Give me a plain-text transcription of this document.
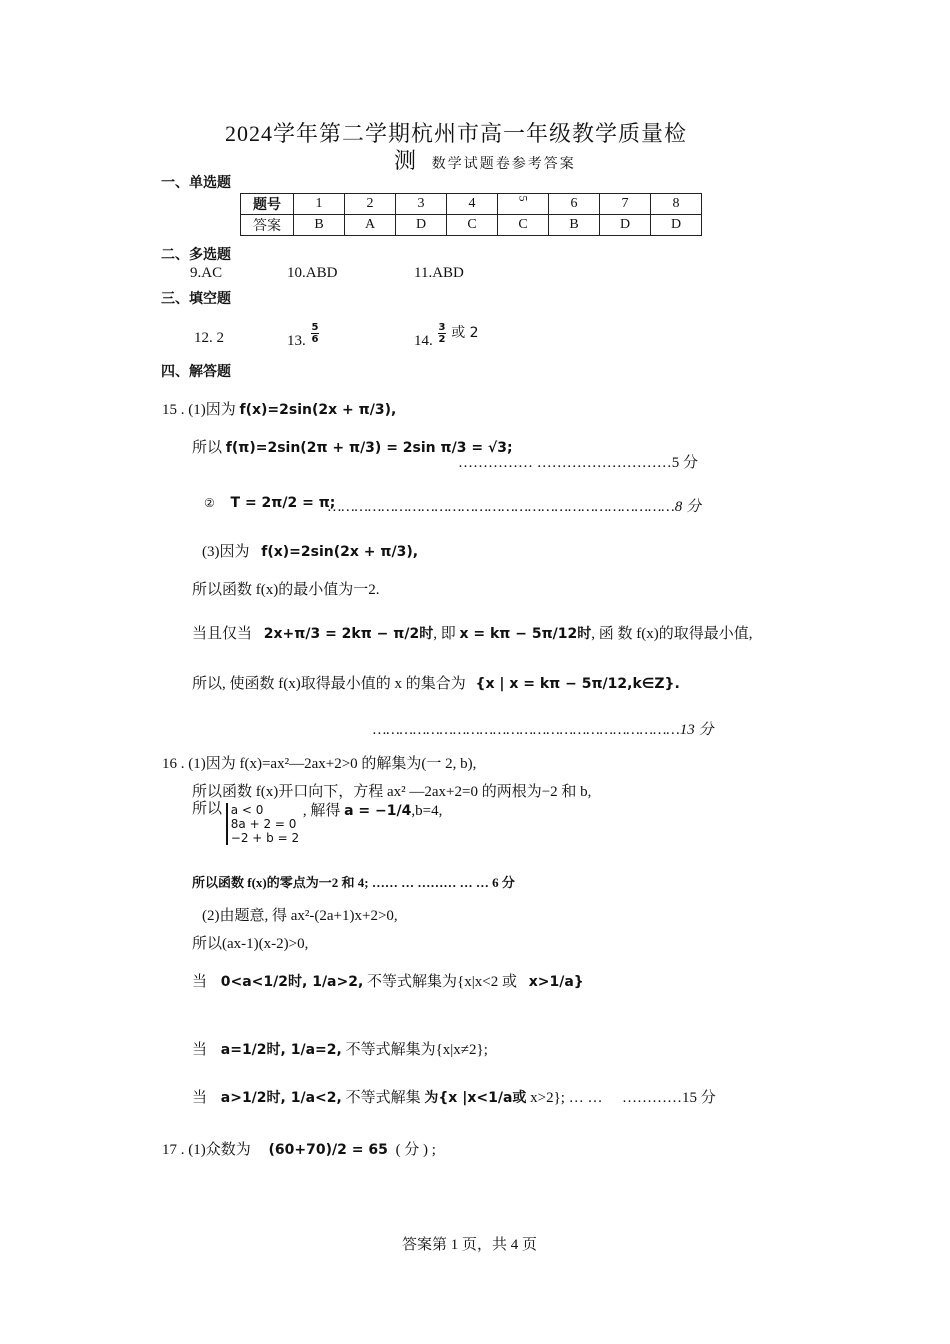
2024学年第二学期杭州市高一年级教学质量检
测 数学试题卷参考答案
一、单选题
题号	1	2	3	4	5	6	7	8
答案	B	A	D	C	C	B	D	D
二、多选题
9.AC	10.ABD	11.ABD
三、填空题
12. 2	13. $\frac{5}{6}$	14. $\frac{3}{2}$ 或 2
四、解答题
15 . (1)因为 f(x)=2sin(2x + π/3),
所以 f(π)=2sin(2π + π/3) = 2sin π/3 = √3;
…………… ………………………5 分
② T = 2π/2 = π;
……………………………………………………………………8 分
(3)因为 f(x)=2sin(2x + π/3),
所以函数 f(x)的最小值为一2.
当且仅当 2x+π/3 = 2kπ − π/2时, 即 x = kπ − 5π/12时, 函 数 f(x)的取得最小值,
所以, 使函数 f(x)取得最小值的 x 的集合为 {x | x = kπ − 5π/12,k∈Z}.
……………………………………………………………13 分
16 . (1)因为 f(x)=ax²—2ax+2>0 的解集为(一 2, b),
所以函数 f(x)开口向下，方程 ax² —2ax+2=0 的两根为−2 和 b,
所以 a < 0
8a + 2 = 0
−2 + b = 2
, 解得 a = −1/4,b=4,
所以函数 f(x)的零点为一2 和 4; …… … ……… … … 6 分
(2)由题意, 得 ax²-(2a+1)x+2>0,
所以(ax-1)(x-2)>0,
当 0<a<1/2时, 1/a>2, 不等式解集为{x|x<2 或 x>1/a}
当 a=1/2时, 1/a=2, 不等式解集为{x|x≠2};
当 a>1/2时, 1/a<2, 不等式解集 为{x |x<1/a或 x>2}; … … …………15 分
17 . (1)众数为 (60+70)/2 = 65 ( 分 ) ;
答案第 1 页，共 4 页
